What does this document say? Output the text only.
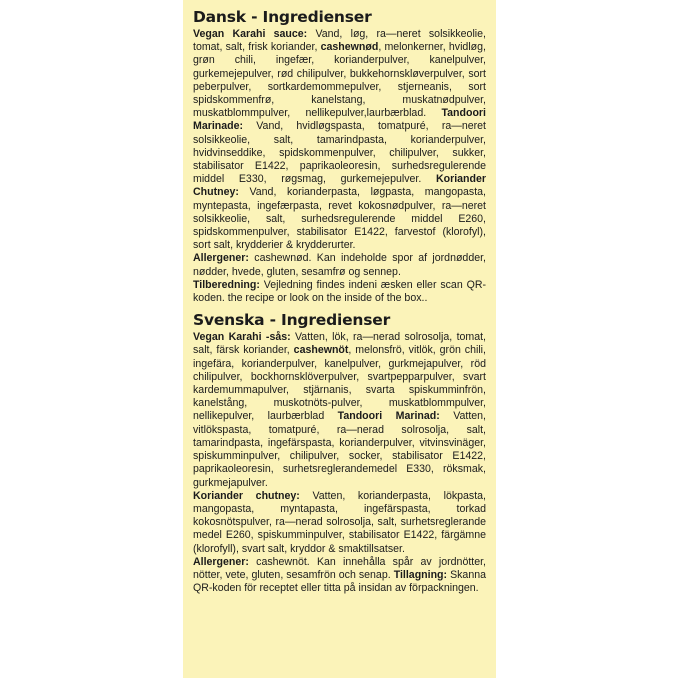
Dansk - Ingredienser

Vegan Karahi sauce: Vand, løg, ra—neret solsikkeolie, tomat, salt, frisk koriander, cashewnød, melonkerner, hvidløg, grøn chili, ingefær, korianderpulver, kanelpulver, gurkemejepulver, rød chilipulver, bukkehornskløverpulver, sort peberpulver, sortkardemommepulver, stjerneanis, sort spidskommenfrø, kanelstang, muskatnødpulver, muskatblommpulver, nellikepulver,laurbærblad. Tandoori Marinade: Vand, hvidløgspasta, tomatpuré, ra—neret solsikkeolie, salt, tamarindpasta, korianderpulver, hvidvinseddike, spidskommenpulver, chilipulver, sukker, stabilisator E1422, paprikaoleoresin, surhedsregulerende middel E330, røgsmag, gurkemejepulver. Koriander Chutney: Vand, korianderpasta, løgpasta, mangopasta, myntepasta, ingefærpasta, revet kokosnødpulver, ra—neret solsikkeolie, salt, surhedsregulerende middel E260, spidskommenpulver, stabilisator E1422, farvestof (klorofyl), sort salt, krydderier & krydderurter.

Allergener: cashewnød. Kan indeholde spor af jordnødder, nødder, hvede, gluten, sesamfrø og sennep.

Tilberedning: Vejledning findes indeni æsken eller scan QR-koden. the recipe or look on the inside of the box..

Svenska - Ingredienser

Vegan Karahi -sås: Vatten, lök, ra—nerad solrosolja, tomat, salt, färsk koriander, cashewnöt, melonsfrö, vitlök, grön chili, ingefära, korianderpulver, kanelpulver, gurkmejapulver, röd chilipulver, bockhornsklöverpulver, svartpepparpulver, svart kardemummapulver, stjärnanis, svarta spiskumminfrön, kanelstång, muskotnöts-pulver, muskatblommpulver, nellikepulver, laurbærblad Tandoori Marinad: Vatten, vitlökspasta, tomatpuré, ra—nerad solrosolja, salt, tamarindpasta, ingefärspasta, korianderpulver, vitvinsvinäger, spiskumminpulver, chilipulver, socker, stabilisator E1422, paprikaoleoresin, surhetsreglerandemedel E330, röksmak, gurkmejapulver.

Koriander chutney: Vatten, korianderpasta, lökpasta, mangopasta, myntapasta, ingefärspasta, torkad kokosnötspulver, ra—nerad solrosolja, salt, surhetsreglerande medel E260, spiskumminpulver, stabilisator E1422, färgämne (klorofyll), svart salt, kryddor & smaktillsatser.

Allergener: cashewnöt. Kan innehålla spår av jordnötter, nötter, vete, gluten, sesamfrön och senap. Tillagning: Skanna QR-koden för receptet eller titta på insidan av förpackningen.
